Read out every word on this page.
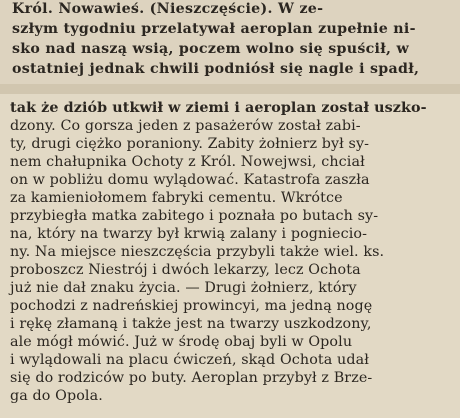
Król. Nowawieś. (Nieszczęście). W ze-
szłym tygodniu przelatywał aeroplan zupełnie ni-
sko nad naszą wsią, poczem wolno się spuścił, w
ostatniej jednak chwili podniósł się nagle i spadł,
tak że dziób utkwił w ziemi i aeroplan został uszko-
dzony. Co gorsza jeden z pasażerów został zabi-
ty, drugi ciężko poraniony. Zabity żołnierz był sy-
nem chałupnika Ochoty z Król. Nowejwsi, chciał
on w pobliżu domu wylądować. Katastrofa zaszła
za kamieniołomem fabryki cementu. Wkrótce
przybiegła matka zabitego i poznała po butach sy-
na, który na twarzy był krwią zalany i pogniecio-
ny. Na miejsce nieszczęścia przybyli także wiel. ks.
proboszcz Niestrój i dwóch lekarzy, lecz Ochota
już nie dał znaku życia. — Drugi żołnierz, który
pochodzi z nadreńskiej prowincyi, ma jedną nogę
i rękę złamaną i także jest na twarzy uszkodzony,
ale mógł mówić. Już w środę obaj byli w Opolu
i wylądowali na placu ćwiczeń, skąd Ochota udał
się do rodziców po buty. Aeroplan przybył z Brze-
ga do Opola.
